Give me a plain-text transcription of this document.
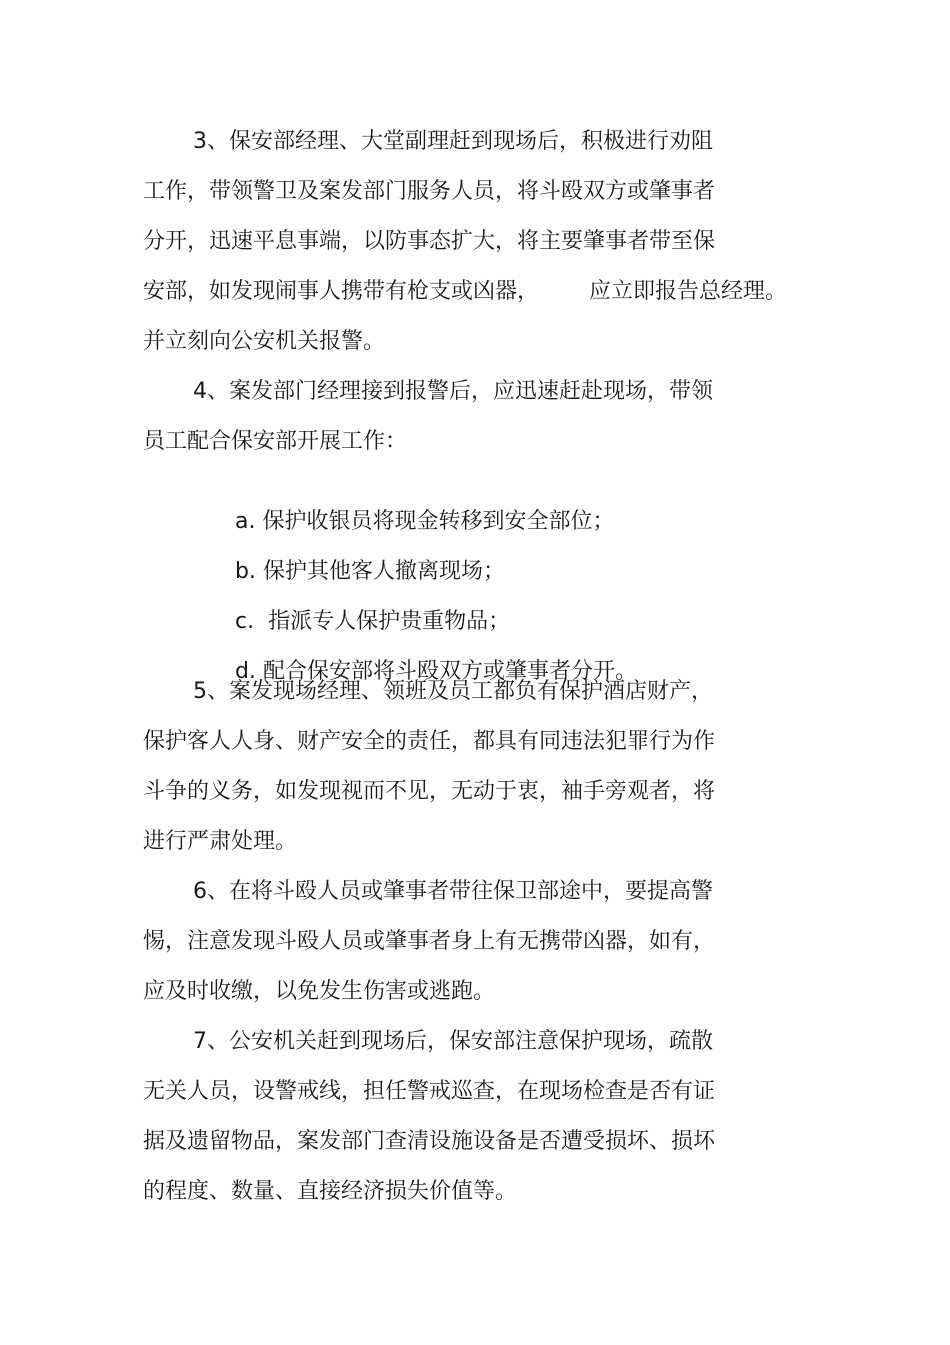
3、保安部经理、大堂副理赶到现场后，积极进行劝阻
工作，带领警卫及案发部门服务人员，将斗殴双方或肇事者
分开，迅速平息事端，以防事态扩大，将主要肇事者带至保
安部，如发现闹事人携带有枪支或凶器， 应立即报告总经理。
并立刻向公安机关报警。
4、案发部门经理接到报警后，应迅速赶赴现场，带领
员工配合保安部开展工作：

a. 保护收银员将现金转移到安全部位；

b. 保护其他客人撤离现场；

c. 指派专人保护贵重物品；

d. 配合保安部将斗殴双方或肇事者分开。

5、案发现场经理、领班及员工都负有保护酒店财产，
保护客人人身、财产安全的责任，都具有同违法犯罪行为作
斗争的义务，如发现视而不见，无动于衷，袖手旁观者，将
进行严肃处理。
6、在将斗殴人员或肇事者带往保卫部途中，要提高警
惕，注意发现斗殴人员或肇事者身上有无携带凶器，如有，
应及时收缴，以免发生伤害或逃跑。
7、公安机关赶到现场后，保安部注意保护现场，疏散
无关人员，设警戒线，担任警戒巡查，在现场检查是否有证
据及遗留物品，案发部门查清设施设备是否遭受损坏、损坏
的程度、数量、直接经济损失价值等。
